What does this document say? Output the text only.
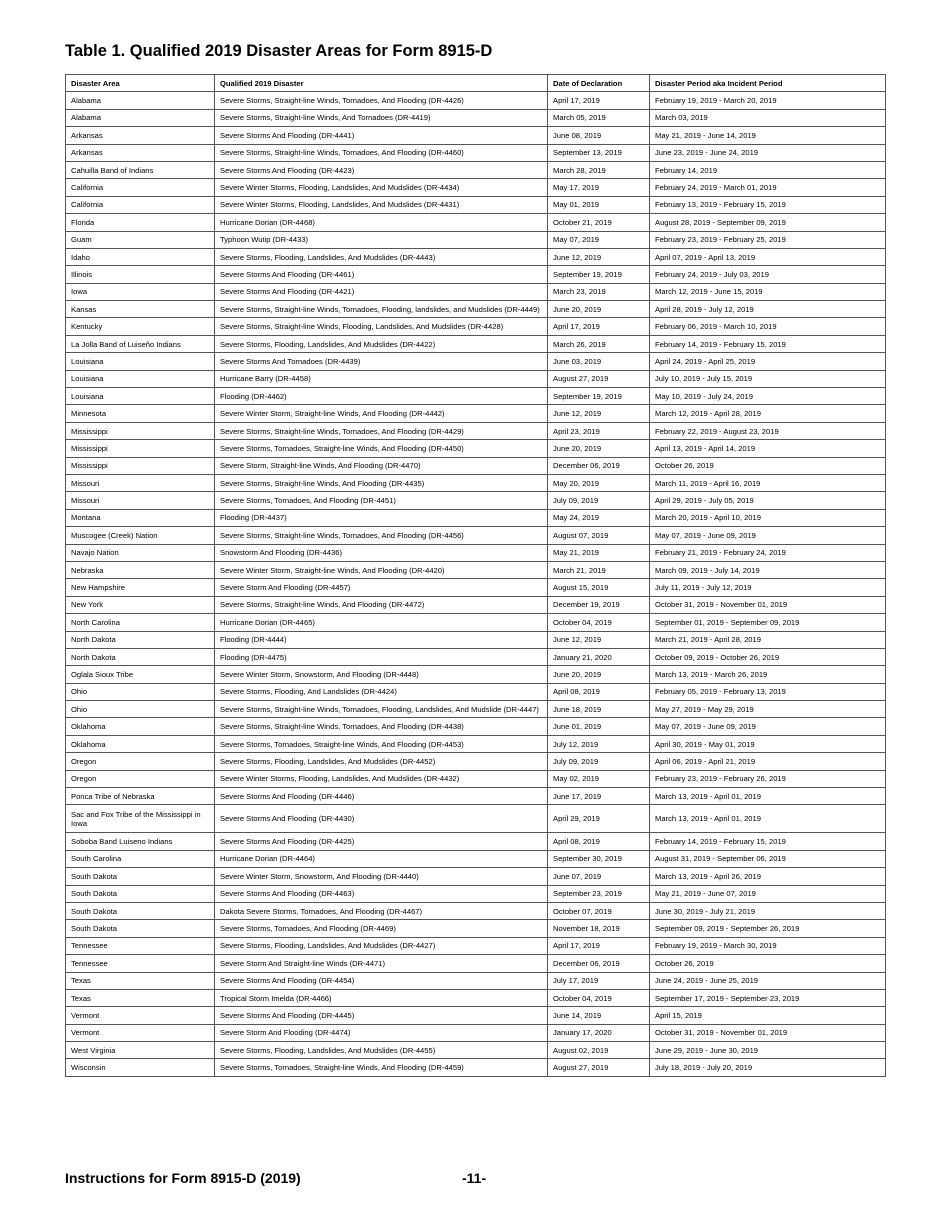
Table 1. Qualified 2019 Disaster Areas for Form 8915-D
Disaster Area	Qualified 2019 Disaster	Date of Declaration	Disaster Period aka Incident Period
Alabama	Severe Storms, Straight-line Winds, Tornadoes, And Flooding (DR-4426)	April 17, 2019	February 19, 2019 - March 20, 2019
Alabama	Severe Storms, Straight-line Winds, And Tornadoes (DR-4419)	March 05, 2019	March 03, 2019
Arkansas	Severe Storms And Flooding (DR-4441)	June 08, 2019	May 21, 2019 - June 14, 2019
Arkansas	Severe Storms, Straight-line Winds, Tornadoes, And Flooding (DR-4460)	September 13, 2019	June 23, 2019 - June 24, 2019
Cahuilla Band of Indians	Severe Storms And Flooding (DR-4423)	March 28, 2019	February 14, 2019
California	Severe Winter Storms, Flooding, Landslides, And Mudslides (DR-4434)	May 17, 2019	February 24, 2019 - March 01, 2019
California	Severe Winter Storms, Flooding, Landslides, And Mudslides (DR-4431)	May 01, 2019	February 13, 2019 - February 15, 2019
Florida	Hurricane Dorian (DR-4468)	October 21, 2019	August 28, 2019 - September 09, 2019
Guam	Typhoon Wutip (DR-4433)	May 07, 2019	February 23, 2019 - February 25, 2019
Idaho	Severe Storms, Flooding, Landslides, And Mudslides (DR-4443)	June 12, 2019	April 07, 2019 - April 13, 2019
Illinois	Severe Storms And Flooding (DR-4461)	September 19, 2019	February 24, 2019 - July 03, 2019
Iowa	Severe Storms And Flooding (DR-4421)	March 23, 2019	March 12, 2019 - June 15, 2019
Kansas	Severe Storms, Straight-line Winds, Tornadoes, Flooding, landslides, and Mudslides (DR-4449)	June 20, 2019	April 28, 2019 - July 12, 2019
Kentucky	Severe Storms, Straight-line Winds, Flooding, Landslides, And Mudslides (DR-4428)	April 17, 2019	February 06, 2019 - March 10, 2019
La Jolla Band of Luiseño Indians	Severe Storms, Flooding, Landslides, And Mudslides (DR-4422)	March 26, 2019	February 14, 2019 - February 15, 2019
Louisiana	Severe Storms And Tornadoes (DR-4439)	June 03, 2019	April 24, 2019 - April 25, 2019
Louisiana	Hurricane Barry (DR-4458)	August 27, 2019	July 10, 2019 - July 15, 2019
Louisiana	Flooding (DR-4462)	September 19, 2019	May 10, 2019 - July 24, 2019
Minnesota	Severe Winter Storm, Straight-line Winds, And Flooding (DR-4442)	June 12, 2019	March 12, 2019 - April 28, 2019
Mississippi	Severe Storms, Straight-line Winds, Tornadoes, And Flooding (DR-4429)	April 23, 2019	February 22, 2019 - August 23, 2019
Mississippi	Severe Storms, Tornadoes, Straight-line Winds, And Flooding (DR-4450)	June 20, 2019	April 13, 2019 - April 14, 2019
Mississippi	Severe Storm, Straight-line Winds, And Flooding (DR-4470)	December 06, 2019	October 26, 2019
Missouri	Severe Storms, Straight-line Winds, And Flooding (DR-4435)	May 20, 2019	March 11, 2019 - April 16, 2019
Missouri	Severe Storms, Tornadoes, And Flooding (DR-4451)	July 09, 2019	April 29, 2019 - July 05, 2019
Montana	Flooding (DR-4437)	May 24, 2019	March 20, 2019 - April 10, 2019
Muscogee (Creek) Nation	Severe Storms, Straight-line Winds, Tornadoes, And Flooding (DR-4456)	August 07, 2019	May 07, 2019 - June 09, 2019
Navajo Nation	Snowstorm And Flooding (DR-4436)	May 21, 2019	February 21, 2019 - February 24, 2019
Nebraska	Severe Winter Storm, Straight-line Winds, And Flooding (DR-4420)	March 21, 2019	March 09, 2019 - July 14, 2019
New Hampshire	Severe Storm And Flooding (DR-4457)	August 15, 2019	July 11, 2019 - July 12, 2019
New York	Severe Storms, Straight-line Winds, And Flooding (DR-4472)	December 19, 2019	October 31, 2019 - November 01, 2019
North Carolina	Hurricane Dorian (DR-4465)	October 04, 2019	September 01, 2019 - September 09, 2019
North Dakota	Flooding (DR-4444)	June 12, 2019	March 21, 2019 - April 28, 2019
North Dakota	Flooding (DR-4475)	January 21, 2020	October 09, 2019 - October 26, 2019
Oglala Sioux Tribe	Severe Winter Storm, Snowstorm, And Flooding (DR-4448)	June 20, 2019	March 13, 2019 - March 26, 2019
Ohio	Severe Storms, Flooding, And Landslides (DR-4424)	April 08, 2019	February 05, 2019 - February 13, 2019
Ohio	Severe Storms, Straight-line Winds, Tornadoes, Flooding, Landslides, And Mudslide (DR-4447)	June 18, 2019	May 27, 2019 - May 29, 2019
Oklahoma	Severe Storms, Straight-line Winds, Tornadoes, And Flooding (DR-4438)	June 01, 2019	May 07, 2019 - June 09, 2019
Oklahoma	Severe Storms, Tornadoes, Straight-line Winds, And Flooding (DR-4453)	July 12, 2019	April 30, 2019 - May 01, 2019
Oregon	Severe Storms, Flooding, Landslides, And Mudslides (DR-4452)	July 09, 2019	April 06, 2019 - April 21, 2019
Oregon	Severe Winter Storms, Flooding, Landslides, And Mudslides (DR-4432)	May 02, 2019	February 23, 2019 - February 26, 2019
Ponca Tribe of Nebraska	Severe Storms And Flooding (DR-4446)	June 17, 2019	March 13, 2019 - April 01, 2019
Sac and Fox Tribe of the Mississippi in Iowa	Severe Storms And Flooding (DR-4430)	April 29, 2019	March 13, 2019 - April 01, 2019
Soboba Band Luiseno Indians	Severe Storms And Flooding (DR-4425)	April 08, 2019	February 14, 2019 - February 15, 2019
South Carolina	Hurricane Dorian (DR-4464)	September 30, 2019	August 31, 2019 - September 06, 2019
South Dakota	Severe Winter Storm, Snowstorm, And Flooding (DR-4440)	June 07, 2019	March 13, 2019 - April 26, 2019
South Dakota	Severe Storms And Flooding (DR-4463)	September 23, 2019	May 21, 2019 - June 07, 2019
South Dakota	Dakota Severe Storms, Tornadoes, And Flooding (DR-4467)	October 07, 2019	June 30, 2019 - July 21, 2019
South Dakota	Severe Storms, Tornadoes, And Flooding (DR-4469)	November 18, 2019	September 09, 2019 - September 26, 2019
Tennessee	Severe Storms, Flooding, Landslides, And Mudslides (DR-4427)	April 17, 2019	February 19, 2019 - March 30, 2019
Tennessee	Severe Storm And Straight-line Winds (DR-4471)	December 06, 2019	October 26, 2019
Texas	Severe Storms And Flooding (DR-4454)	July 17, 2019	June 24, 2019 - June 25, 2019
Texas	Tropical Storm Imelda (DR-4466)	October 04, 2019	September 17, 2019 - September 23, 2019
Vermont	Severe Storms And Flooding (DR-4445)	June 14, 2019	April 15, 2019
Vermont	Severe Storm And Flooding (DR-4474)	January 17, 2020	October 31, 2019 - November 01, 2019
West Virginia	Severe Storms, Flooding, Landslides, And Mudslides (DR-4455)	August 02, 2019	June 29, 2019 - June 30, 2019
Wisconsin	Severe Storms, Tornadoes, Straight-line Winds, And Flooding (DR-4459)	August 27, 2019	July 18, 2019 - July 20, 2019
Instructions for Form 8915-D (2019)	-11-
